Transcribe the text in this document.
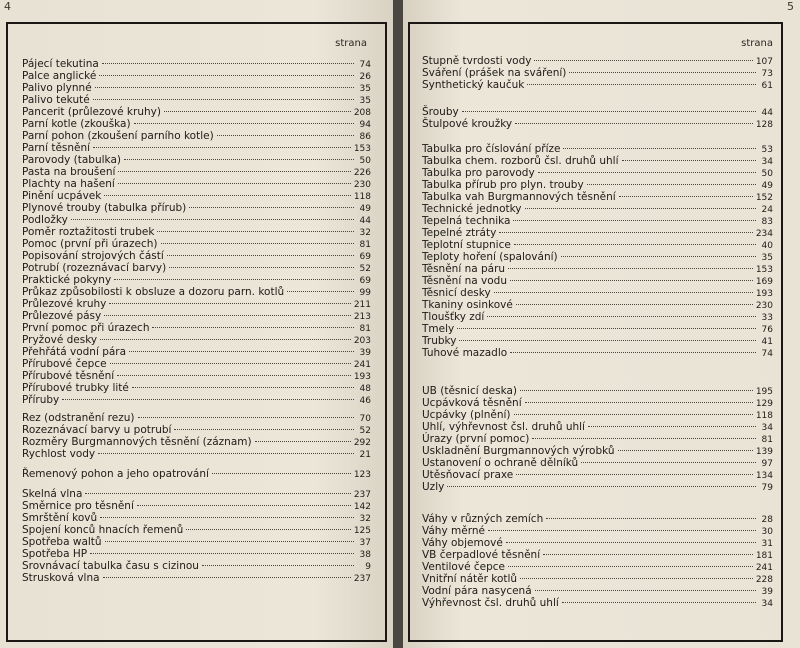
4
strana
Pájecí tekutina	74
Palce anglické	26
Palivo plynné	35
Palivo tekuté	35
Pancerit (průlezové kruhy)	208
Parní kotle (zkouška)	94
Parní pohon (zkoušení parního kotle)	86
Parní těsnění	153
Parovody (tabulka)	50
Pasta na broušení	226
Plachty na hašení	230
Pinění ucpávek	118
Plynové trouby (tabulka přírub)	49
Podložky	44
Poměr roztažitosti trubek	32
Pomoc (první při úrazech)	81
Popisování strojových částí	69
Potrubí (rozeznávací barvy)	52
Praktické pokyny	69
Průkaz způsobilosti k obsluze a dozoru parn. kotlů	99
Průlezové kruhy	211
Průlezové pásy	213
První pomoc při úrazech	81
Pryžové desky	203
Přehřátá vodní pára	39
Přírubové čepce	241
Přírubové těsnění	193
Přírubové trubky lité	48
Příruby	46
Rez (odstranění rezu)	70
Rozeznávací barvy u potrubí	52
Rozměry Burgmannových těsnění (záznam)	292
Rychlost vody	21
Řemenový pohon a jeho opatrování	123
Skelná vlna	237
Směrnice pro těsnění	142
Smrštění kovů	32
Spojení konců hnacích řemenů	125
Spotřeba waltů	37
Spotřeba HP	38
Srovnávací tabulka času s cizinou	9
Strusková vlna	237
5
strana
Stupně tvrdosti vody	107
Sváření (prášek na sváření)	73
Synthetický kaučuk	61
Šrouby	44
Štulpové kroužky	128
Tabulka pro číslování příze	53
Tabulka chem. rozborů čsl. druhů uhlí	34
Tabulka pro parovody	50
Tabulka přírub pro plyn. trouby	49
Tabulka vah Burgmannových těsnění	152
Technické jednotky	24
Tepelná technika	83
Tepelné ztráty	234
Teplotní stupnice	40
Teploty hoření (spalování)	35
Těsnění na páru	153
Těsnění na vodu	169
Těsnicí desky	193
Tkaniny osinkové	230
Tloušťky zdí	33
Tmely	76
Trubky	41
Tuhové mazadlo	74
UB (těsnicí deska)	195
Ucpávková těsnění	129
Ucpávky (plnění)	118
Uhlí, výhřevnost čsl. druhů uhlí	34
Úrazy (první pomoc)	81
Uskladnění Burgmannových výrobků	139
Ustanovení o ochraně dělníků	97
Utěsňovací praxe	134
Uzly	79
Váhy v různých zemích	28
Váhy měrné	30
Váhy objemové	31
VB čerpadlové těsnění	181
Ventilové čepce	241
Vnitřní nátěr kotlů	228
Vodní pára nasycená	39
Výhřevnost čsl. druhů uhlí	34
